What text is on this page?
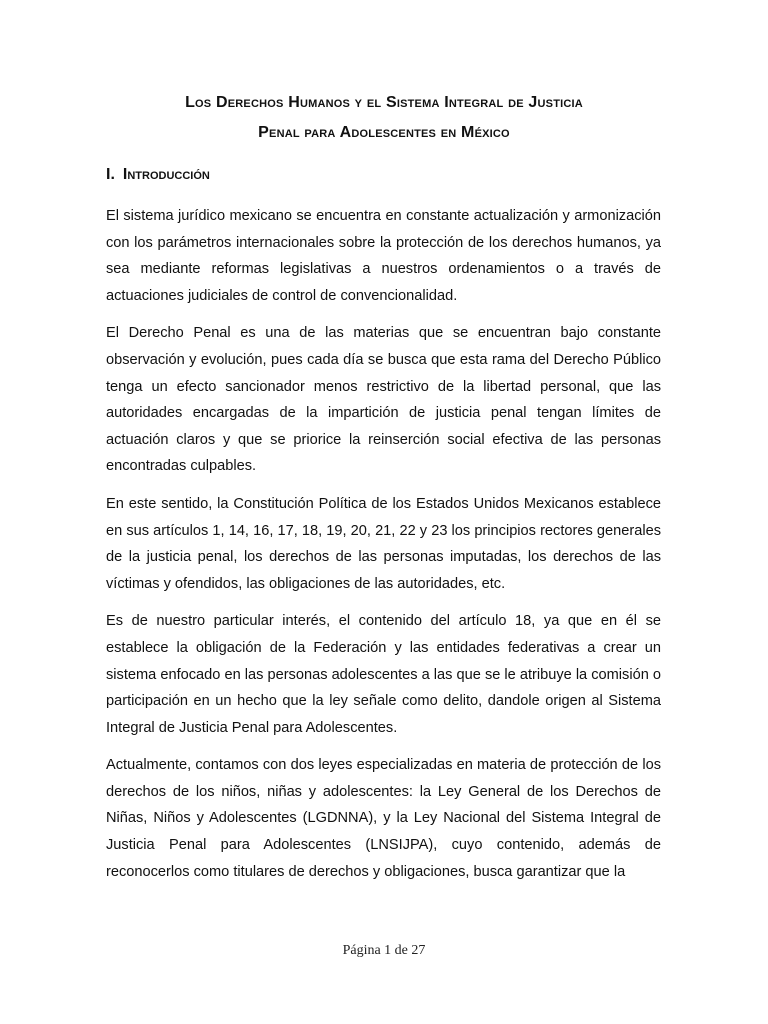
Los Derechos Humanos y el Sistema Integral de Justicia
Penal para Adolescentes en México
I. Introducción

El sistema jurídico mexicano se encuentra en constante actualización y armonización con los parámetros internacionales sobre la protección de los derechos humanos, ya sea mediante reformas legislativas a nuestros ordenamientos o a través de actuaciones judiciales de control de convencionalidad.

El Derecho Penal es una de las materias que se encuentran bajo constante observación y evolución, pues cada día se busca que esta rama del Derecho Público tenga un efecto sancionador menos restrictivo de la libertad personal, que las autoridades encargadas de la impartición de justicia penal tengan límites de actuación claros y que se priorice la reinserción social efectiva de las personas encontradas culpables.

En este sentido, la Constitución Política de los Estados Unidos Mexicanos establece en sus artículos 1, 14, 16, 17, 18, 19, 20, 21, 22 y 23 los principios rectores generales de la justicia penal, los derechos de las personas imputadas, los derechos de las víctimas y ofendidos, las obligaciones de las autoridades, etc.

Es de nuestro particular interés, el contenido del artículo 18, ya que en él se establece la obligación de la Federación y las entidades federativas a crear un sistema enfocado en las personas adolescentes a las que se le atribuye la comisión o participación en un hecho que la ley señale como delito, dandole origen al Sistema Integral de Justicia Penal para Adolescentes.

Actualmente, contamos con dos leyes especializadas en materia de protección de los derechos de los niños, niñas y adolescentes: la Ley General de los Derechos de Niñas, Niños y Adolescentes (LGDNNA), y la Ley Nacional del Sistema Integral de Justicia Penal para Adolescentes (LNSIJPA), cuyo contenido, además de reconocerlos como titulares de derechos y obligaciones, busca garantizar que la

Página 1 de 27
